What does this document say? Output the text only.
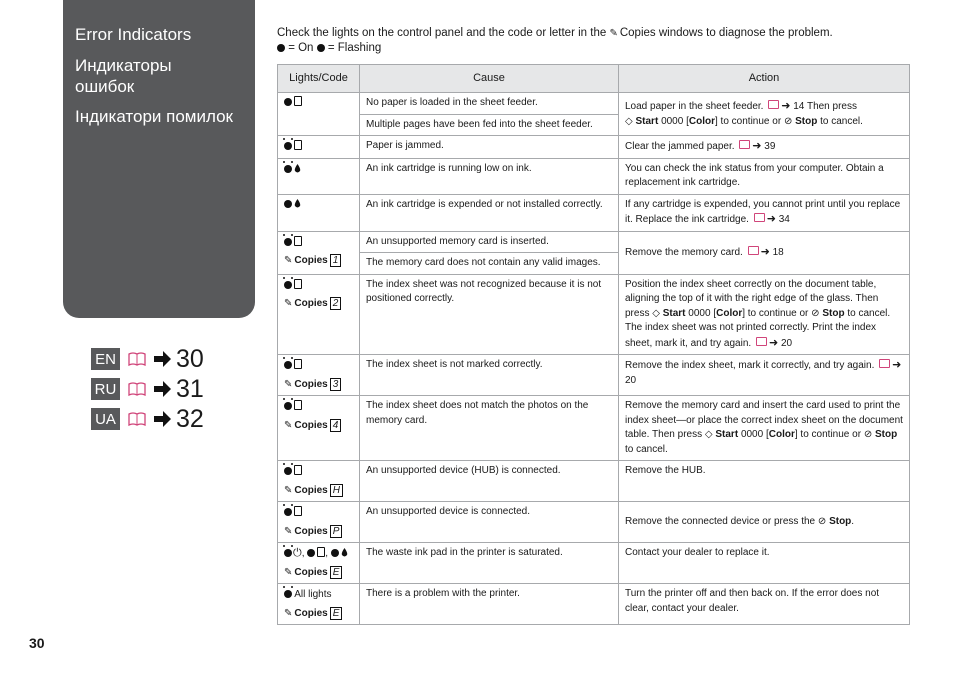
Error Indicators
Индикаторы ошибок
Індикатори помилок
EN 30
RU 31
UA 32
Check the lights on the control panel and the code or letter in the ✎ Copies windows to diagnose the problem.
= On = Flashing
Lights/Code	Cause	Action
	No paper is loaded in the sheet feeder.	Load paper in the sheet feeder. ➜ 14 Then press
◇ Start 0000 [Color] to continue or ⊘ Stop to cancel.
	Multiple pages have been fed into the sheet feeder.	
	Paper is jammed.	Clear the jammed paper. ➜ 39
	An ink cartridge is running low on ink.	You can check the ink status from your computer. Obtain a replacement ink cartridge.
	An ink cartridge is expended or not installed correctly.	If any cartridge is expended, you cannot print until you replace it. Replace the ink cartridge. ➜ 34

✎ Copies 1	An unsupported memory card is inserted.	Remove the memory card. ➜ 18
	The memory card does not contain any valid images.	

✎ Copies 2	The index sheet was not recognized because it is not positioned correctly.	Position the index sheet correctly on the document table, aligning the top of it with the right edge of the glass. Then press ◇ Start 0000 [Color] to continue or ⊘ Stop to cancel. The index sheet was not printed correctly. Print the index sheet, mark it, and try again. ➜ 20

✎ Copies 3	The index sheet is not marked correctly.	Remove the index sheet, mark it correctly, and try again. ➜ 20

✎ Copies 4	The index sheet does not match the photos on the memory card.	Remove the memory card and insert the card used to print the index sheet—or place the correct index sheet on the document table. Then press ◇ Start 0000 [Color] to continue or ⊘ Stop to cancel.

✎ Copies H	An unsupported device (HUB) is connected.	Remove the HUB.

✎ Copies P	An unsupported device is connected.	Remove the connected device or press the ⊘ Stop.
⏻, ,
✎ Copies E	The waste ink pad in the printer is saturated.	Contact your dealer to replace it.
All lights
✎ Copies E	There is a problem with the printer.	Turn the printer off and then back on. If the error does not clear, contact your dealer.
30
